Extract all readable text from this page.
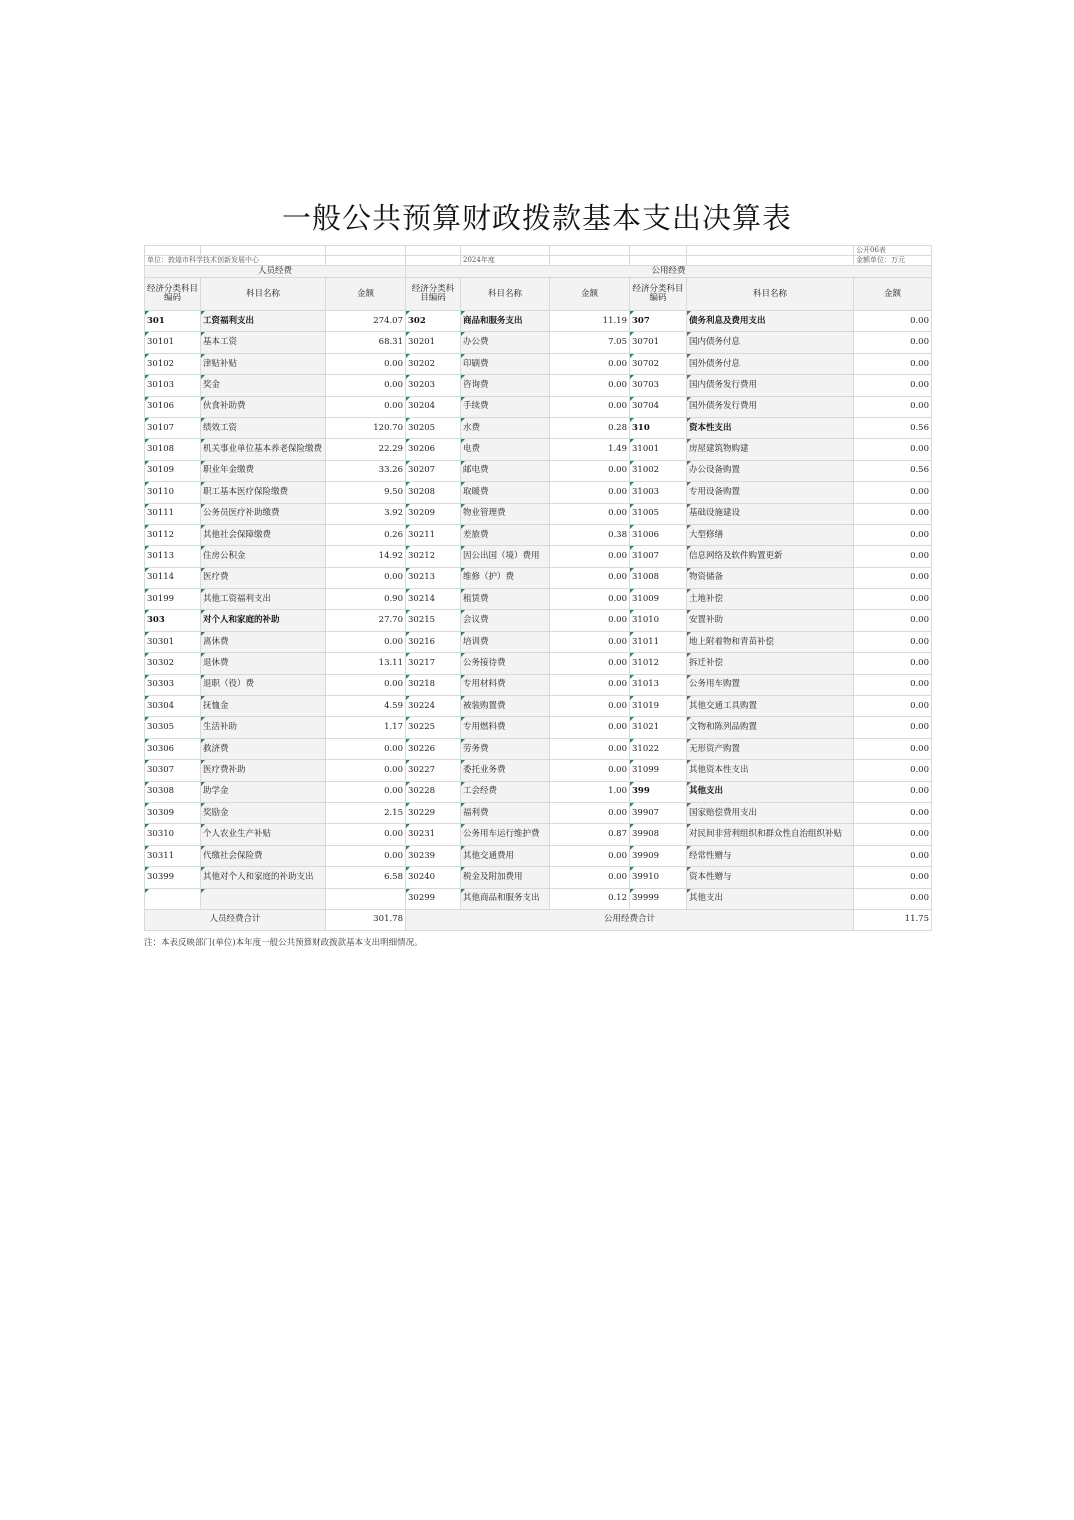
一般公共预算财政拨款基本支出决算表
								公开06表
单位：敦煌市科学技术创新发展中心				2024年度				金额单位：万元
人员经费			公用经费					
经济分类科目编码	科目名称	金额	经济分类科目编码	科目名称	金额	经济分类科目编码	科目名称	金额
301	工资福利支出	274.07	302	商品和服务支出	11.19	307	债务利息及费用支出	0.00
30101	基本工资	68.31	30201	办公费	7.05	30701	国内债务付息	0.00
30102	津贴补贴	0.00	30202	印刷费	0.00	30702	国外债务付息	0.00
30103	奖金	0.00	30203	咨询费	0.00	30703	国内债务发行费用	0.00
30106	伙食补助费	0.00	30204	手续费	0.00	30704	国外债务发行费用	0.00
30107	绩效工资	120.70	30205	水费	0.28	310	资本性支出	0.56
30108	机关事业单位基本养老保险缴费	22.29	30206	电费	1.49	31001	房屋建筑物购建	0.00
30109	职业年金缴费	33.26	30207	邮电费	0.00	31002	办公设备购置	0.56
30110	职工基本医疗保险缴费	9.50	30208	取暖费	0.00	31003	专用设备购置	0.00
30111	公务员医疗补助缴费	3.92	30209	物业管理费	0.00	31005	基础设施建设	0.00
30112	其他社会保障缴费	0.26	30211	差旅费	0.38	31006	大型修缮	0.00
30113	住房公积金	14.92	30212	因公出国（境）费用	0.00	31007	信息网络及软件购置更新	0.00
30114	医疗费	0.00	30213	维修（护）费	0.00	31008	物资储备	0.00
30199	其他工资福利支出	0.90	30214	租赁费	0.00	31009	土地补偿	0.00
303	对个人和家庭的补助	27.70	30215	会议费	0.00	31010	安置补助	0.00
30301	离休费	0.00	30216	培训费	0.00	31011	地上附着物和青苗补偿	0.00
30302	退休费	13.11	30217	公务接待费	0.00	31012	拆迁补偿	0.00
30303	退职（役）费	0.00	30218	专用材料费	0.00	31013	公务用车购置	0.00
30304	抚恤金	4.59	30224	被装购置费	0.00	31019	其他交通工具购置	0.00
30305	生活补助	1.17	30225	专用燃料费	0.00	31021	文物和陈列品购置	0.00
30306	救济费	0.00	30226	劳务费	0.00	31022	无形资产购置	0.00
30307	医疗费补助	0.00	30227	委托业务费	0.00	31099	其他资本性支出	0.00
30308	助学金	0.00	30228	工会经费	1.00	399	其他支出	0.00
30309	奖励金	2.15	30229	福利费	0.00	39907	国家赔偿费用支出	0.00
30310	个人农业生产补贴	0.00	30231	公务用车运行维护费	0.87	39908	对民间非营利组织和群众性自治组织补贴	0.00
30311	代缴社会保险费	0.00	30239	其他交通费用	0.00	39909	经常性赠与	0.00
30399	其他对个人和家庭的补助支出	6.58	30240	税金及附加费用	0.00	39910	资本性赠与	0.00
			30299	其他商品和服务支出	0.12	39999	其他支出	0.00
人员经费合计		301.78	公用经费合计					11.75
注：本表反映部门(单位)本年度一般公共预算财政拨款基本支出明细情况。
